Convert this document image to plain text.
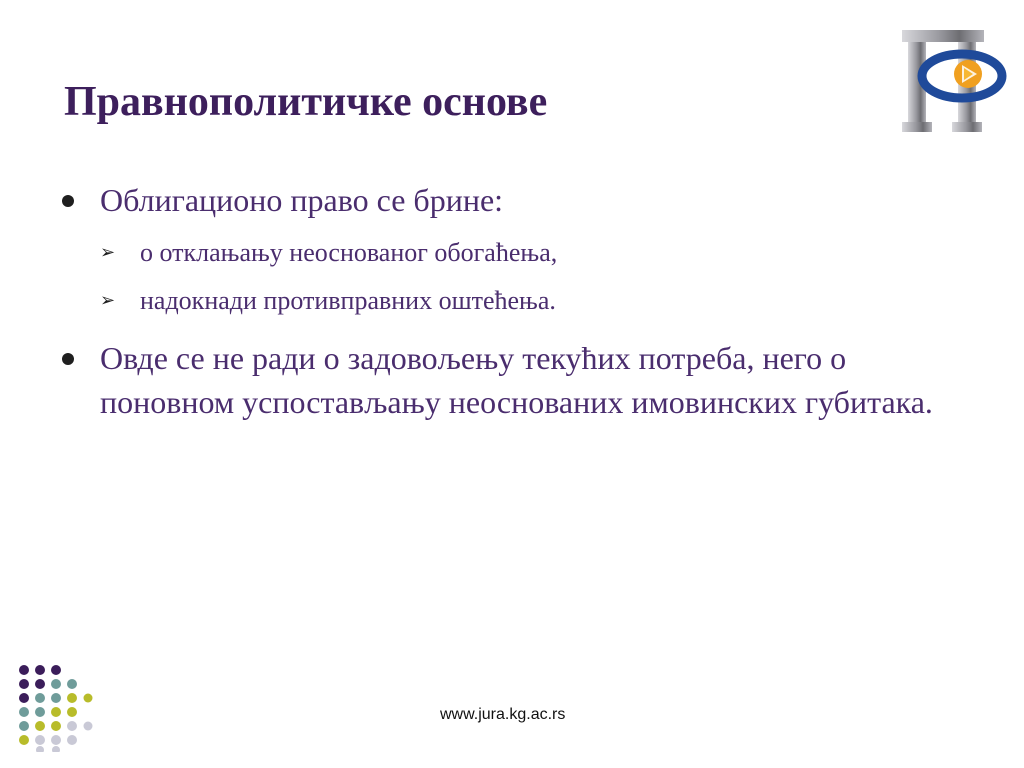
Правнополитичке основе
Облигационо право се брине:
➢ о отклањању неоснованог обогаћења,
➢ надокнади противправних оштећења.
Овде се не ради о задовољењу текућих потреба, него о поновном успостављању неоснованих имовинских губитака.
www.jura.kg.ac.rs
